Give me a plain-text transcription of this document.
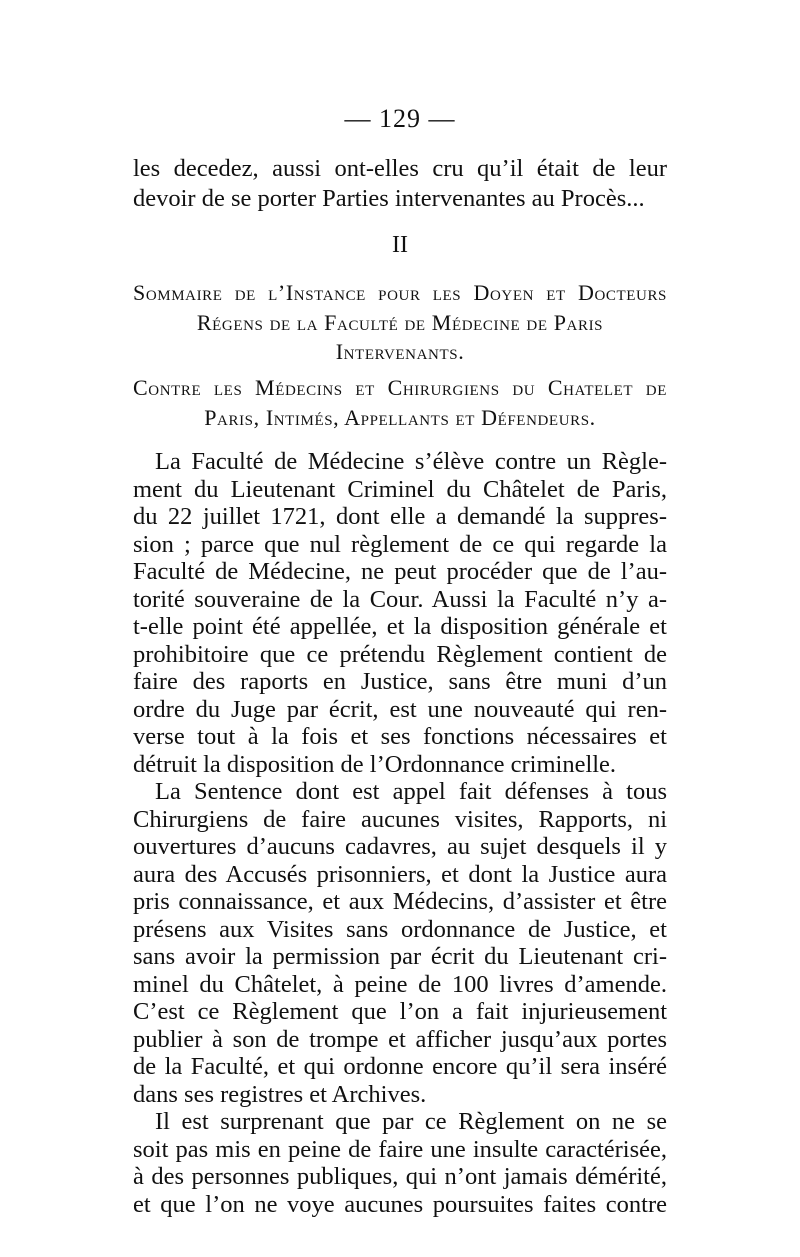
— 129 —
les decedez, aussi ont-elles cru qu’il était de leur
devoir de se porter Parties intervenantes au Procès...
II
Sommaire de l’Instance pour les Doyen et Docteurs
Régens de la Faculté de Médecine de Paris
Intervenants.
Contre les Médecins et Chirurgiens du Chatelet de
Paris, Intimés, Appellants et Défendeurs.
La Faculté de Médecine s’élève contre un Règle-
ment du Lieutenant Criminel du Châtelet de Paris,
du 22 juillet 1721, dont elle a demandé la suppres-
sion ; parce que nul règlement de ce qui regarde la
Faculté de Médecine, ne peut procéder que de l’au-
torité souveraine de la Cour. Aussi la Faculté n’y a-
t-elle point été appellée, et la disposition générale et
prohibitoire que ce prétendu Règlement contient de
faire des raports en Justice, sans être muni d’un
ordre du Juge par écrit, est une nouveauté qui ren-
verse tout à la fois et ses fonctions nécessaires et
détruit la disposition de l’Ordonnance criminelle.
La Sentence dont est appel fait défenses à tous
Chirurgiens de faire aucunes visites, Rapports, ni
ouvertures d’aucuns cadavres, au sujet desquels il y
aura des Accusés prisonniers, et dont la Justice aura
pris connaissance, et aux Médecins, d’assister et être
présens aux Visites sans ordonnance de Justice, et
sans avoir la permission par écrit du Lieutenant cri-
minel du Châtelet, à peine de 100 livres d’amende.
C’est ce Règlement que l’on a fait injurieusement
publier à son de trompe et afficher jusqu’aux portes
de la Faculté, et qui ordonne encore qu’il sera inséré
dans ses registres et Archives.
Il est surprenant que par ce Règlement on ne se
soit pas mis en peine de faire une insulte caractérisée,
à des personnes publiques, qui n’ont jamais démérité,
et que l’on ne voye aucunes poursuites faites contre
